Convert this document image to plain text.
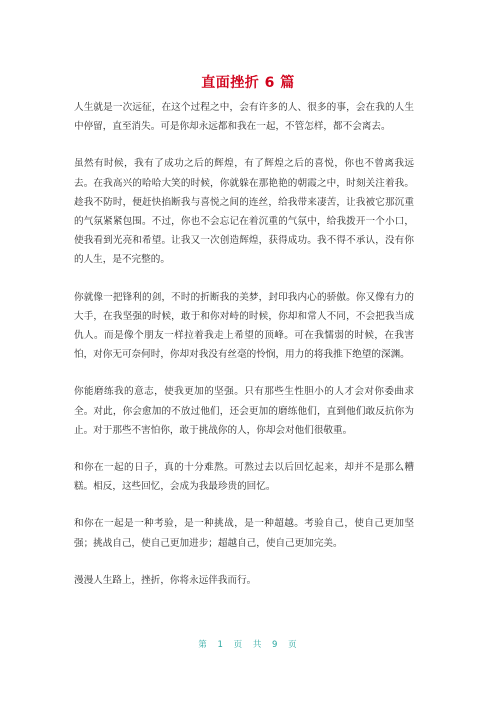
直面挫折 6 篇

人生就是一次远征，在这个过程之中，会有许多的人、很多的事，会在我的人生中停留，直至消失。可是你却永远都和我在一起，不管怎样，都不会离去。

虽然有时候，我有了成功之后的辉煌，有了辉煌之后的喜悦，你也不曾离我远去。在我高兴的哈哈大笑的时候，你就躲在那艳艳的朝霞之中，时刻关注着我。趁我不防时，便赶快掐断我与喜悦之间的连丝，给我带来凄苦，让我被它那沉重的气氛紧紧包围。不过，你也不会忘记在着沉重的气氛中，给我拨开一个小口，使我看到光亮和希望。让我又一次创造辉煌，获得成功。我不得不承认，没有你的人生，是不完整的。

你就像一把锋利的剑，不时的折断我的美梦，封印我内心的骄傲。你又像有力的大手，在我坚强的时候，敢于和你对峙的时候，你却和常人不同，不会把我当成仇人。而是像个朋友一样拉着我走上希望的顶峰。可在我懦弱的时候，在我害怕，对你无可奈何时，你却对我没有丝毫的怜悯，用力的将我推下绝望的深渊。

你能磨练我的意志，使我更加的坚强。只有那些生性胆小的人才会对你委曲求全。对此，你会愈加的不放过他们，还会更加的磨练他们，直到他们敢反抗你为止。对于那些不害怕你，敢于挑战你的人，你却会对他们很敬重。

和你在一起的日子，真的十分难熬。可熬过去以后回忆起来，却并不是那么糟糕。相反，这些回忆，会成为我最珍贵的回忆。

和你在一起是一种考验，是一种挑战，是一种超越。考验自己，使自己更加坚强；挑战自己，使自己更加进步；超越自己，使自己更加完美。

漫漫人生路上，挫折，你将永远伴我而行。

第 1 页 共 9 页
